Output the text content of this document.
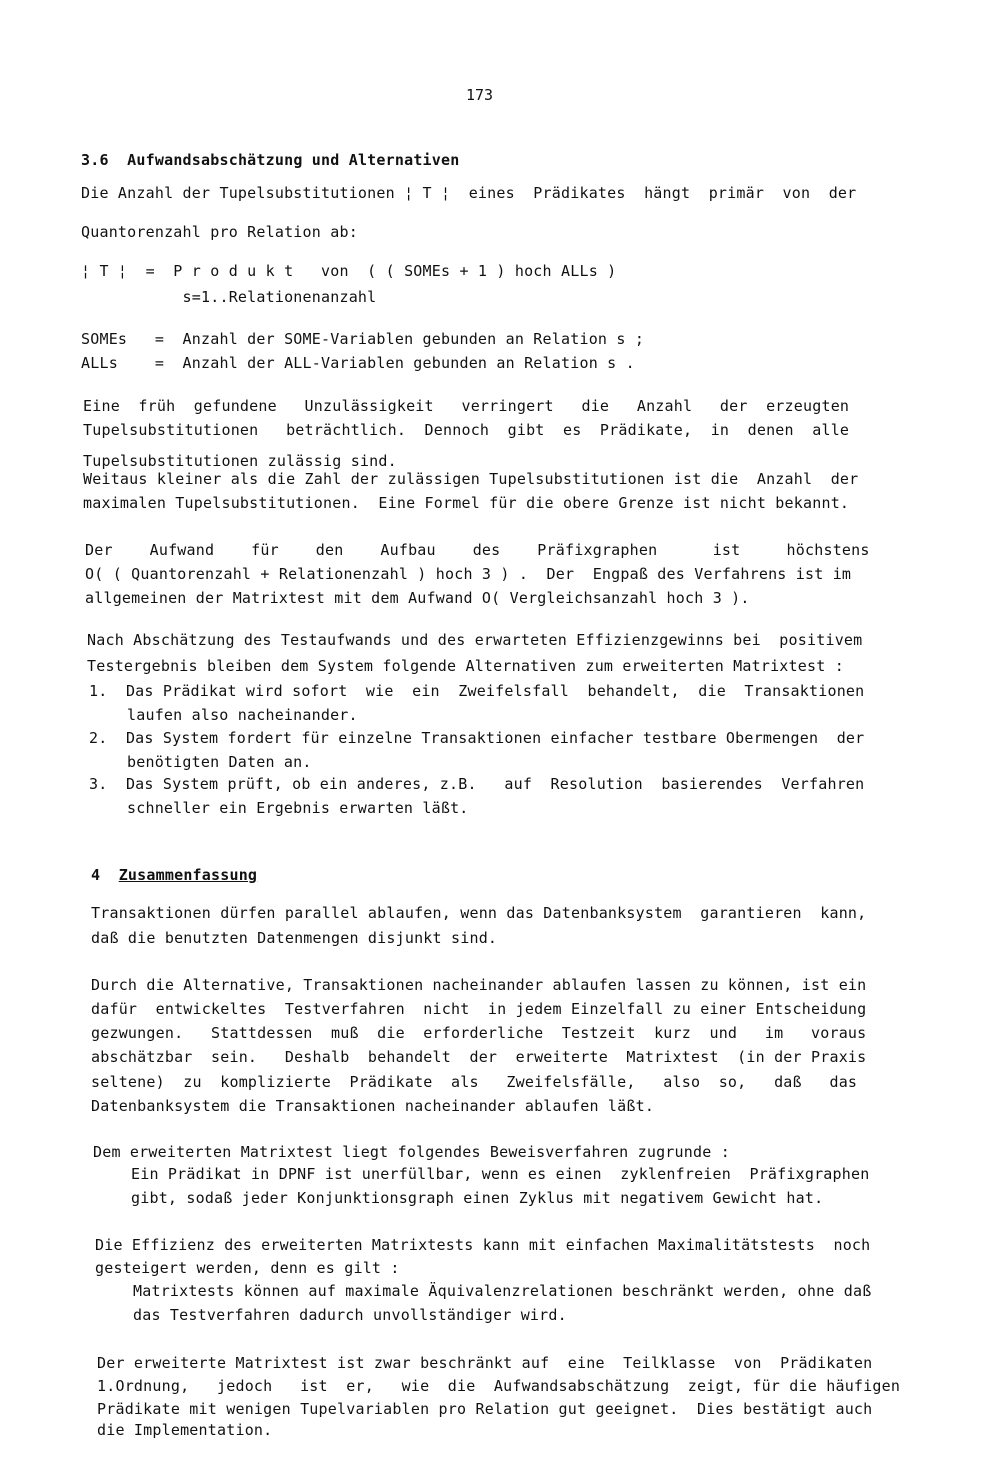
173
3.6 Aufwandsabschätzung und Alternativen
Die Anzahl der Tupelsubstitutionen ¦ T ¦  eines  Prädikates  hängt  primär  von  der
Quantorenzahl pro Relation ab:
¦ T ¦  =  P r o d u k t   von  ( ( SOMEs + 1 ) hoch ALLs )
s=1..Relationenanzahl
SOMEs   =  Anzahl der SOME-Variablen gebunden an Relation s ;
ALLs    =  Anzahl der ALL-Variablen gebunden an Relation s .
Eine  früh  gefundene   Unzulässigkeit   verringert   die   Anzahl   der  erzeugten
Tupelsubstitutionen   beträchtlich.  Dennoch  gibt  es  Prädikate,  in  denen  alle
Tupelsubstitutionen zulässig sind.
Weitaus kleiner als die Zahl der zulässigen Tupelsubstitutionen ist die  Anzahl  der
maximalen Tupelsubstitutionen.  Eine Formel für die obere Grenze ist nicht bekannt.
Der    Aufwand    für    den    Aufbau    des    Präfixgraphen      ist     höchstens
O( ( Quantorenzahl + Relationenzahl ) hoch 3 ) .  Der  Engpaß des Verfahrens ist im
allgemeinen der Matrixtest mit dem Aufwand O( Vergleichsanzahl hoch 3 ).
Nach Abschätzung des Testaufwands und des erwarteten Effizienzgewinns bei  positivem
Testergebnis bleiben dem System folgende Alternativen zum erweiterten Matrixtest :
1. Das Prädikat wird sofort  wie  ein  Zweifelsfall  behandelt,  die  Transaktionen
laufen also nacheinander.
2. Das System fordert für einzelne Transaktionen einfacher testbare Obermengen  der
benötigten Daten an.
3. Das System prüft, ob ein anderes, z.B.   auf  Resolution  basierendes  Verfahren
schneller ein Ergebnis erwarten läßt.
4 Zusammenfassung
Transaktionen dürfen parallel ablaufen, wenn das Datenbanksystem  garantieren  kann,
daß die benutzten Datenmengen disjunkt sind.
Durch die Alternative, Transaktionen nacheinander ablaufen lassen zu können, ist ein
dafür  entwickeltes  Testverfahren  nicht  in jedem Einzelfall zu einer Entscheidung
gezwungen.   Stattdessen  muß  die  erforderliche  Testzeit  kurz  und   im   voraus
abschätzbar  sein.   Deshalb  behandelt  der  erweiterte  Matrixtest  (in der Praxis
seltene)  zu  komplizierte  Prädikate  als   Zweifelsfälle,   also  so,   daß   das
Datenbanksystem die Transaktionen nacheinander ablaufen läßt.
Dem erweiterten Matrixtest liegt folgendes Beweisverfahren zugrunde :
Ein Prädikat in DPNF ist unerfüllbar, wenn es einen  zyklenfreien  Präfixgraphen
gibt, sodaß jeder Konjunktionsgraph einen Zyklus mit negativem Gewicht hat.
Die Effizienz des erweiterten Matrixtests kann mit einfachen Maximalitätstests  noch
gesteigert werden, denn es gilt :
Matrixtests können auf maximale Äquivalenzrelationen beschränkt werden, ohne daß
das Testverfahren dadurch unvollständiger wird.
Der erweiterte Matrixtest ist zwar beschränkt auf  eine  Teilklasse  von  Prädikaten
1.Ordnung,   jedoch   ist  er,   wie  die  Aufwandsabschätzung  zeigt, für die häufigen
Prädikate mit wenigen Tupelvariablen pro Relation gut geeignet.  Dies bestätigt auch
die Implementation.
